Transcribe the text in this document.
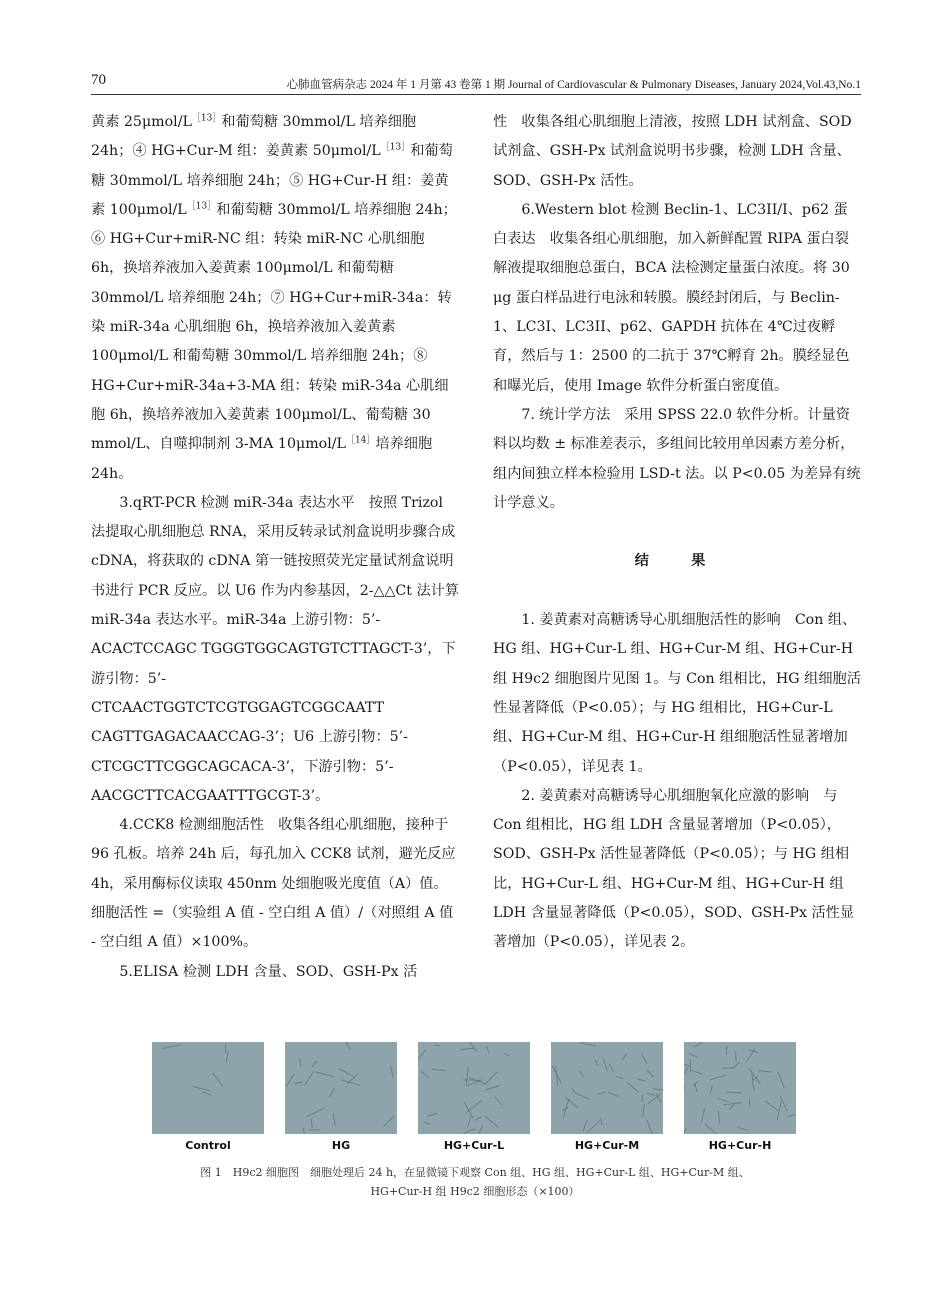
70	心肺血管病杂志 2024 年 1 月第 43 卷第 1 期 Journal of Cardiovascular & Pulmonary Diseases, January 2024,Vol.43,No.1

黄素 $25\mu mol/L^{[13]}$和葡萄糖 30mmol/L 培养细胞 24h；④ HG+Cur-M 组：姜黄素 $50\mu mol/L^{[13]}$和葡萄糖 30mmol/L 培养细胞 24h；⑤ HG+Cur-H 组：姜黄素 $100\mu mol/L^{[13]}$和葡萄糖 30mmol/L 培养细胞 24h；⑥ HG+Cur+miR-NC 组：转染 miR-NC 心肌细胞 6h，换培养液加入姜黄素 100μmol/L 和葡萄糖 30mmol/L 培养细胞 24h；⑦ HG+Cur+miR-34a：转染 miR-34a 心肌细胞 6h，换培养液加入姜黄素 100μmol/L 和葡萄糖 30mmol/L 培养细胞 24h；⑧ HG+Cur+miR-34a+3-MA 组：转染 miR-34a 心肌细胞 6h，换培养液加入姜黄素 100μmol/L、葡萄糖 30 mmol/L、自噬抑制剂 3-MA $10\mu mol/L^{[14]}$培养细胞 24h。

3.qRT-PCR 检测 miR-34a 表达水平　按照 Trizol 法提取心肌细胞总 RNA，采用反转录试剂盒说明步骤合成 cDNA，将获取的 cDNA 第一链按照荧光定量试剂盒说明书进行 PCR 反应。以 U6 作为内参基因，2-△△Ct 法计算 miR-34a 表达水平。miR-34a 上游引物：5’-ACACTCCAGC TGGGTGGCAGTGTCTTAGCT-3’，下游引物：5’-CTCAACTGGTCTCGTGGAGTCGGCAATT CAGTTGAGACAACCAG-3’；U6 上游引物：5’-CTCGCTTCGGCAGCACA-3’，下游引物：5’-AACGCTTCACGAATTTGCGT-3’。

4.CCK8 检测细胞活性　收集各组心肌细胞，接种于 96 孔板。培养 24h 后，每孔加入 CCK8 试剂，避光反应 4h，采用酶标仪读取 450nm 处细胞吸光度值（A）值。细胞活性 =（实验组 A 值 - 空白组 A 值）/（对照组 A 值 - 空白组 A 值）×100%。

5.ELISA 检测 LDH 含量、SOD、GSH-Px 活

性　收集各组心肌细胞上清液，按照 LDH 试剂盒、SOD 试剂盒、GSH-Px 试剂盒说明书步骤，检测 LDH 含量、SOD、GSH-Px 活性。

6.Western blot 检测 Beclin-1、LC3II/I、p62 蛋白表达　收集各组心肌细胞，加入新鲜配置 RIPA 蛋白裂解液提取细胞总蛋白，BCA 法检测定量蛋白浓度。将 30 μg 蛋白样品进行电泳和转膜。膜经封闭后，与 Beclin-1、LC3I、LC3II、p62、GAPDH 抗体在 4℃过夜孵育，然后与 1：2500 的二抗于 37℃孵育 2h。膜经显色和曝光后，使用 Image 软件分析蛋白密度值。

7. 统计学方法　采用 SPSS 22.0 软件分析。计量资料以均数 ± 标准差表示，多组间比较用单因素方差分析，组内间独立样本检验用 LSD-t 法。以 P<0.05 为差异有统计学意义。

结　果

1. 姜黄素对高糖诱导心肌细胞活性的影响　Con 组、HG 组、HG+Cur-L 组、HG+Cur-M 组、HG+Cur-H 组 H9c2 细胞图片见图 1。与 Con 组相比，HG 组细胞活性显著降低（P<0.05）；与 HG 组相比，HG+Cur-L 组、HG+Cur-M 组、HG+Cur-H 组细胞活性显著增加（P<0.05），详见表 1。

2. 姜黄素对高糖诱导心肌细胞氧化应激的影响　与 Con 组相比，HG 组 LDH 含量显著增加（P<0.05），SOD、GSH-Px 活性显著降低（P<0.05）；与 HG 组相比，HG+Cur-L 组、HG+Cur-M 组、HG+Cur-H 组 LDH 含量显著降低（P<0.05），SOD、GSH-Px 活性显著增加（P<0.05），详见表 2。

Control	HG	HG+Cur-L	HG+Cur-M	HG+Cur-H
图 1　H9c2 细胞图　细胞处理后 24 h，在显微镜下观察 Con 组、HG 组、HG+Cur-L 组、HG+Cur-M 组、
HG+Cur-H 组 H9c2 细胞形态（×100）
